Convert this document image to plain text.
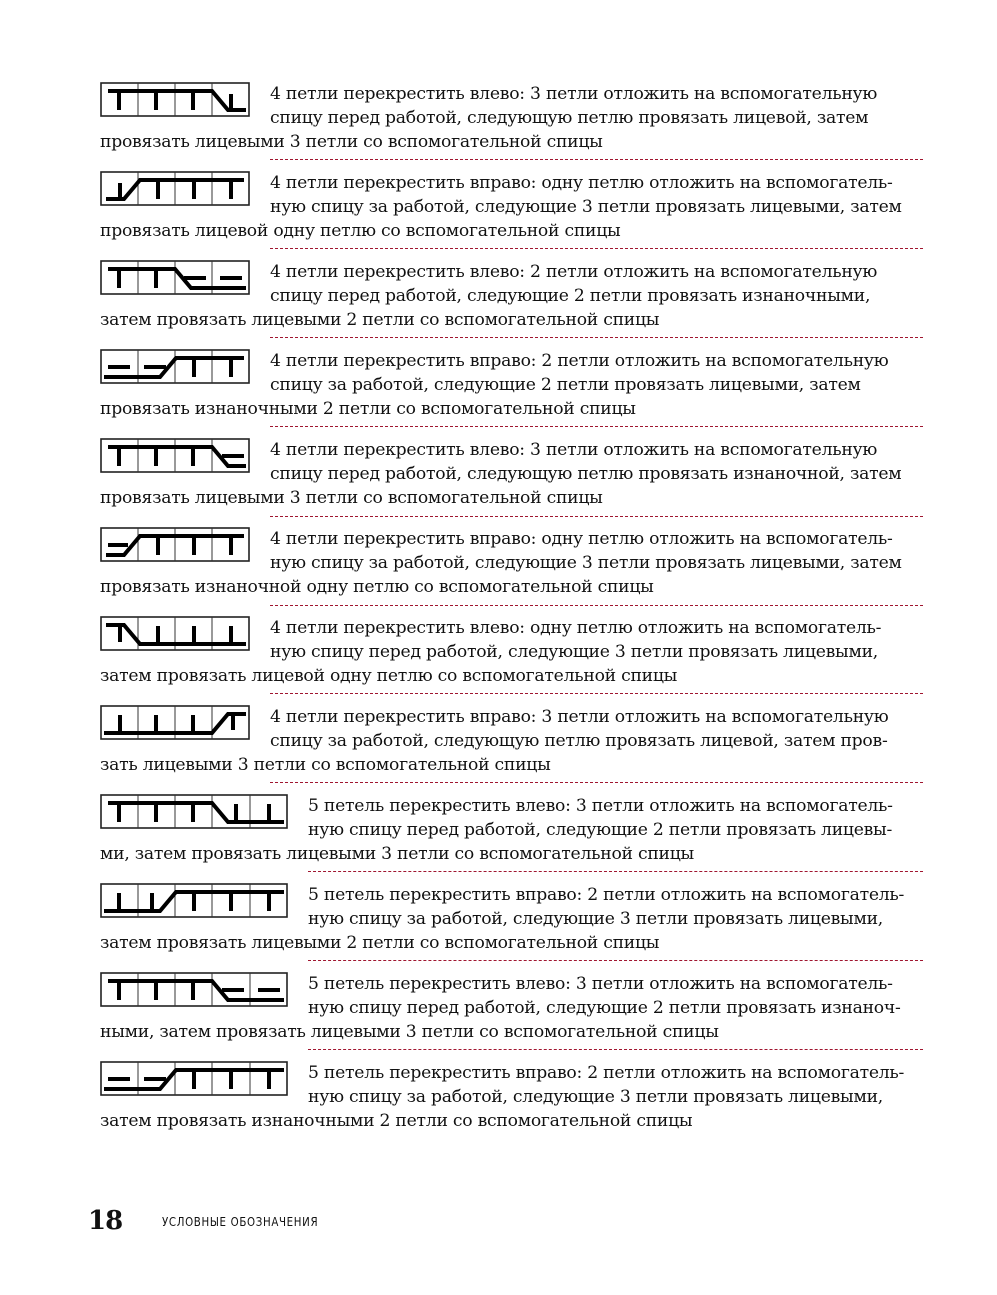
4 петли перекрестить влево: 3 петли отложить на вспомогательную
спицу перед работой, следующую петлю провязать лицевой, затем
провязать лицевыми 3 петли со вспомогательной спицы
4 петли перекрестить вправо: одну петлю отложить на вспомогатель-
ную спицу за работой, следующие 3 петли провязать лицевыми, затем
провязать лицевой одну петлю со вспомогательной спицы
4 петли перекрестить влево: 2 петли отложить на вспомогательную
спицу перед работой, следующие 2 петли провязать изнаночными,
затем провязать лицевыми 2 петли со вспомогательной спицы
4 петли перекрестить вправо: 2 петли отложить на вспомогательную
спицу за работой, следующие 2 петли провязать лицевыми, затем
провязать изнаночными 2 петли со вспомогательной спицы
4 петли перекрестить влево: 3 петли отложить на вспомогательную
спицу перед работой, следующую петлю провязать изнаночной, затем
провязать лицевыми 3 петли со вспомогательной спицы
4 петли перекрестить вправо: одну петлю отложить на вспомогатель-
ную спицу за работой, следующие 3 петли провязать лицевыми, затем
провязать изнаночной одну петлю со вспомогательной спицы
4 петли перекрестить влево: одну петлю отложить на вспомогатель-
ную спицу перед работой, следующие 3 петли провязать лицевыми,
затем провязать лицевой одну петлю со вспомогательной спицы
4 петли перекрестить вправо: 3 петли отложить на вспомогательную
спицу за работой, следующую петлю провязать лицевой, затем пров-
зать лицевыми 3 петли со вспомогательной спицы
5 петель перекрестить влево: 3 петли отложить на вспомогатель-
ную спицу перед работой, следующие 2 петли провязать лицевы-
ми, затем провязать лицевыми 3 петли со вспомогательной спицы
5 петель перекрестить вправо: 2 петли отложить на вспомогатель-
ную спицу за работой, следующие 3 петли провязать лицевыми,
затем провязать лицевыми 2 петли со вспомогательной спицы
5 петель перекрестить влево: 3 петли отложить на вспомогатель-
ную спицу перед работой, следующие 2 петли провязать изнаноч-
ными, затем провязать лицевыми 3 петли со вспомогательной спицы
5 петель перекрестить вправо: 2 петли отложить на вспомогатель-
ную спицу за работой, следующие 3 петли провязать лицевыми,
затем провязать изнаночными 2 петли со вспомогательной спицы
18	УСЛОВНЫЕ ОБОЗНАЧЕНИЯ
